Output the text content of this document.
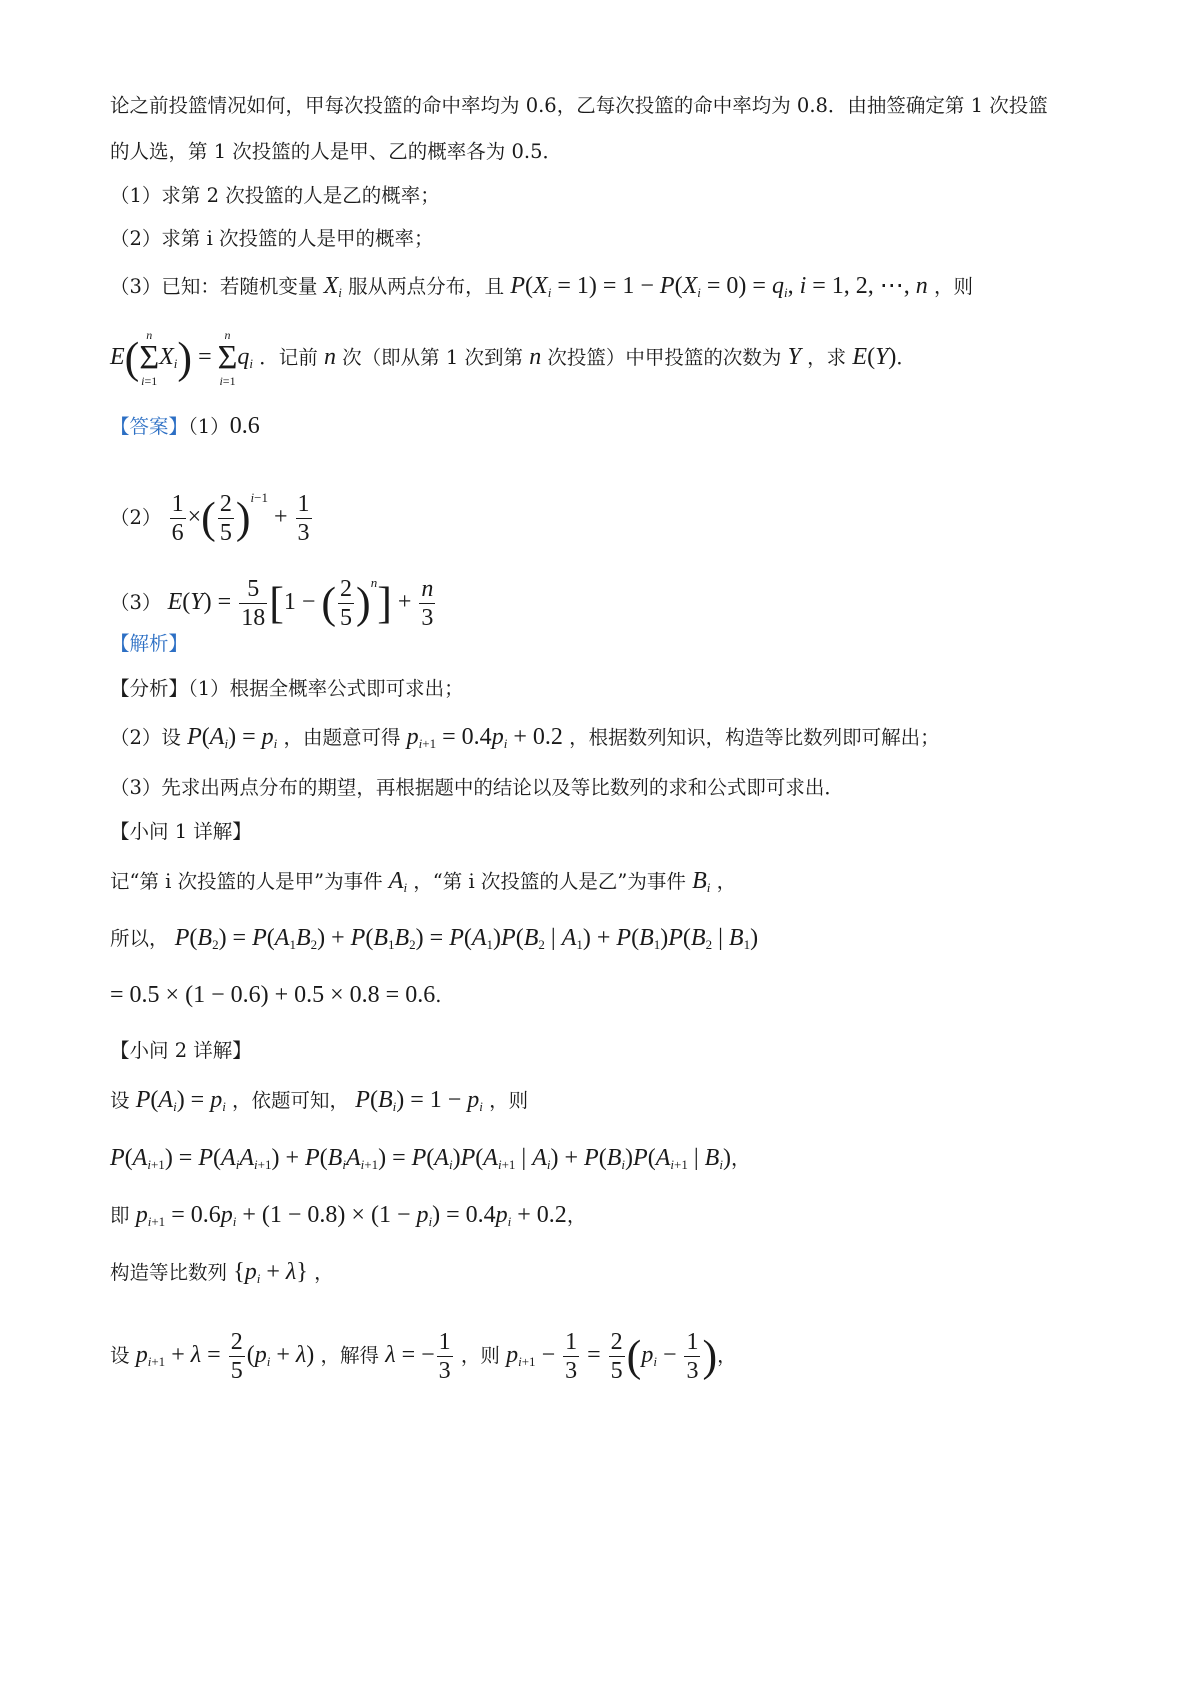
论之前投篮情况如何，甲每次投篮的命中率均为 0.6，乙每次投篮的命中率均为 0.8．由抽签确定第 1 次投篮
的人选，第 1 次投篮的人是甲、乙的概率各为 0.5．
（1）求第 2 次投篮的人是乙的概率；
（2）求第 i 次投篮的人是甲的概率；
（3）已知：若随机变量 $X_i$ 服从两点分布，且 $P(X_i = 1) = 1 - P(X_i = 0) = q_i$, i = 1, 2, ⋯, n ，则
E( n
Σ
i=1
$X_i$) =
n
Σ
i=1
$q_i$ ．记前 n 次（即从第 1 次到第 n 次投篮）中甲投篮的次数为 Y ，求 E(Y)．
【答案】（1）0.6
$(2) \frac{1}{6}$ ×( $\frac{2}{5} )^{i-1} + \frac{1}{3}$
（3） $E(Y) = \frac{5}{18} [1$ − ( $\frac{2}{5} )^n] + \frac{n}{3}$
【解析】
【分析】（1）根据全概率公式即可求出；
（2）设 $P(A_i) = p_i$ ，由题意可得 $p_{i+1} = 0.4p_i + 0.2$ ，根据数列知识，构造等比数列即可解出；
（3）先求出两点分布的期望，再根据题中的结论以及等比数列的求和公式即可求出．
【小问 1 详解】
记“第 i 次投篮的人是甲”为事件 $A_i$ ，“第 i 次投篮的人是乙”为事件 $B_i$ ，
所以， $P(B_2) = P(A_1B_2) + P(B_1B_2) = P(A_1)P(B_2$ | $A_1) + P(B_1)P(B_2$ | $B_1$)
= 0.5 × (1 − 0.6) + 0.5 × 0.8 = 0.6.
【小问 2 详解】
设 $P(A_i) = p_i$ ，依题可知， $P(B_i) = 1 - p_i$ ，则
$P(A_{i+1}) = P(A_iA_{i+1}) + P(B_iA_{i+1}) = P(A_i)P(A_{i+1}$ | $A_i) + P(B_i)P(A_{i+1}$ | $B_i$)，
即 $p_{i+1} = 0.6p_i + (1 - 0.8) \times (1 - p_i) = 0.4p_i + 0.2$，
构造等比数列 $\{p_i + \lambda\}$ ，
设 $p_{i+1} + \lambda = \frac{2}{5} (p_i + \lambda)$ ，解得 λ = − $\frac{1}{3}$ ，则 $p_{i+1} - \frac{1}{3} = \frac{2}{5} (p_i - \frac{1}{3}$ )，
